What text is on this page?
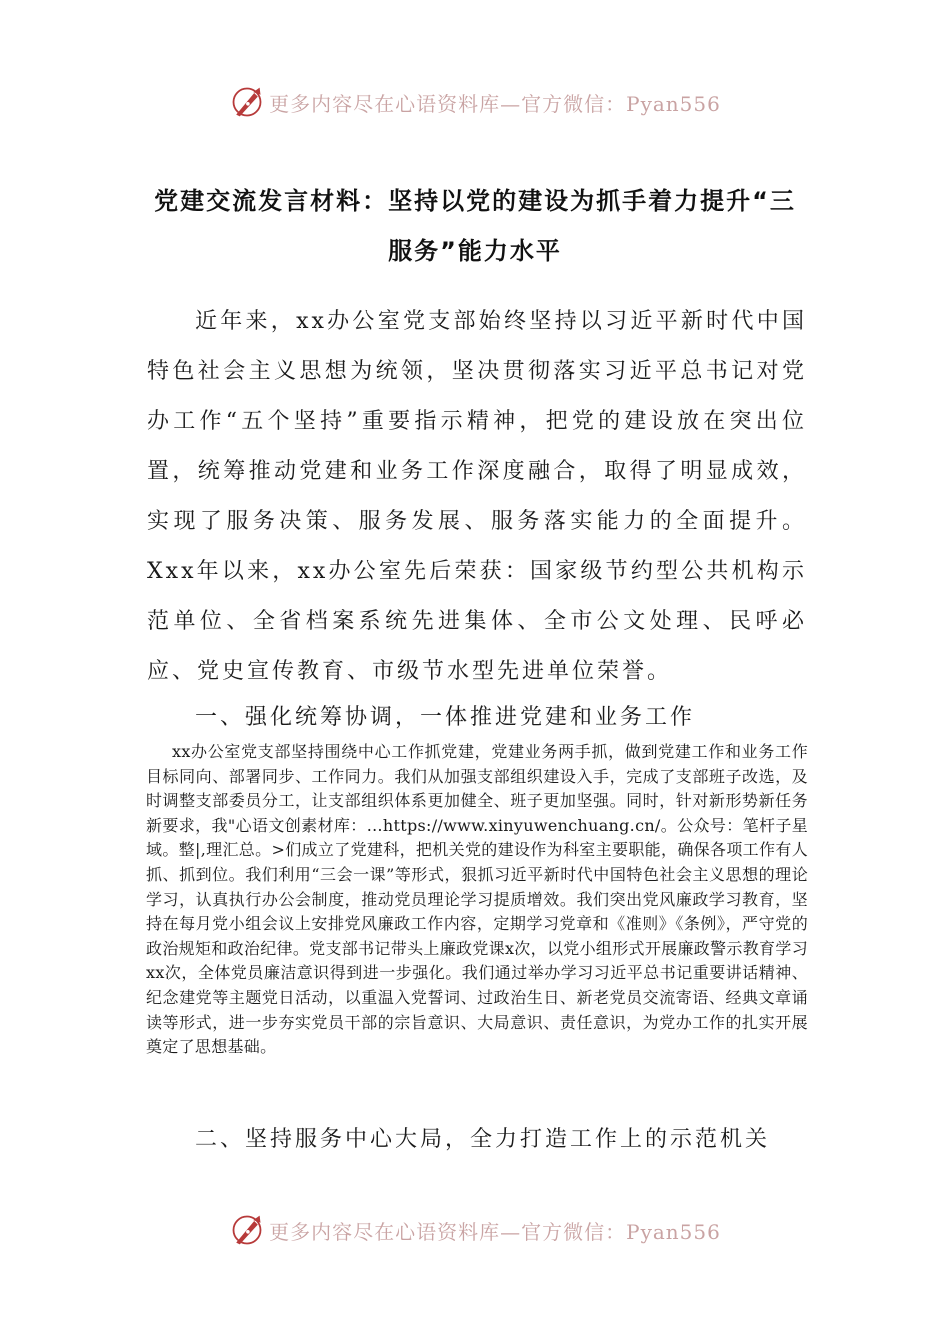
更多内容尽在心语资料库—官方微信：Pyan556
党建交流发言材料：坚持以党的建设为抓手着力提升“三服务”能力水平

近年来，xx办公室党支部始终坚持以习近平新时代中国特色社会主义思想为统领，坚决贯彻落实习近平总书记对党办工作“五个坚持”重要指示精神，把党的建设放在突出位置，统筹推动党建和业务工作深度融合，取得了明显成效，实现了服务决策、服务发展、服务落实能力的全面提升。Xxx年以来，xx办公室先后荣获：国家级节约型公共机构示范单位、全省档案系统先进集体、全市公文处理、民呼必应、党史宣传教育、市级节水型先进单位荣誉。

一、强化统筹协调，一体推进党建和业务工作

xx办公室党支部坚持围绕中心工作抓党建，党建业务两手抓，做到党建工作和业务工作目标同向、部署同步、工作同力。我们从加强支部组织建设入手，完成了支部班子改选，及时调整支部委员分工，让支部组织体系更加健全、班子更加坚强。同时，针对新形势新任务新要求，我"心语文创素材库：…https://www.xinyuwenchuang.cn/。公众号：笔杆子星域。整|,理汇总。>们成立了党建科，把机关党的建设作为科室主要职能，确保各项工作有人抓、抓到位。我们利用“三会一课”等形式，狠抓习近平新时代中国特色社会主义思想的理论学习，认真执行办公会制度，推动党员理论学习提质增效。我们突出党风廉政学习教育，坚持在每月党小组会议上安排党风廉政工作内容，定期学习党章和《准则》《条例》，严守党的政治规矩和政治纪律。党支部书记带头上廉政党课x次，以党小组形式开展廉政警示教育学习xx次，全体党员廉洁意识得到进一步强化。我们通过举办学习习近平总书记重要讲话精神、纪念建党等主题党日活动，以重温入党誓词、过政治生日、新老党员交流寄语、经典文章诵读等形式，进一步夯实党员干部的宗旨意识、大局意识、责任意识，为党办工作的扎实开展奠定了思想基础。

二、坚持服务中心大局，全力打造工作上的示范机关
更多内容尽在心语资料库—官方微信：Pyan556
